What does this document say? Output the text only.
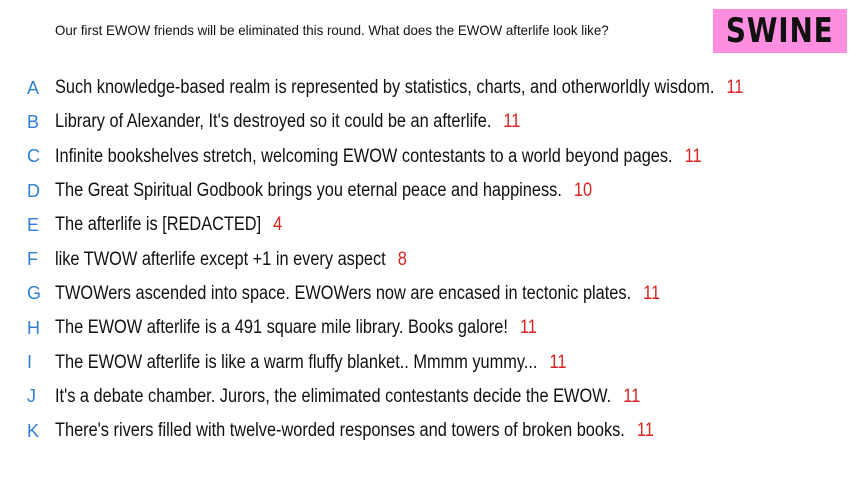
Our first EWOW friends will be eliminated this round. What does the EWOW afterlife look like?	SWINE
A Such knowledge-based realm is represented by statistics, charts, and otherworldly wisdom. 11
B Library of Alexander, It's destroyed so it could be an afterlife. 11
C Infinite bookshelves stretch, welcoming EWOW contestants to a world beyond pages. 11
D The Great Spiritual Godbook brings you eternal peace and happiness. 10
E The afterlife is [REDACTED] 4
F like TWOW afterlife except +1 in every aspect 8
G TWOWers ascended into space. EWOWers now are encased in tectonic plates. 11
H The EWOW afterlife is a 491 square mile library. Books galore! 11
I	The EWOW afterlife is like a warm fluffy blanket.. Mmmm yummy... 11
J	It's a debate chamber. Jurors, the elimimated contestants decide the EWOW. 11
K There's rivers filled with twelve-worded responses and towers of broken books. 11
